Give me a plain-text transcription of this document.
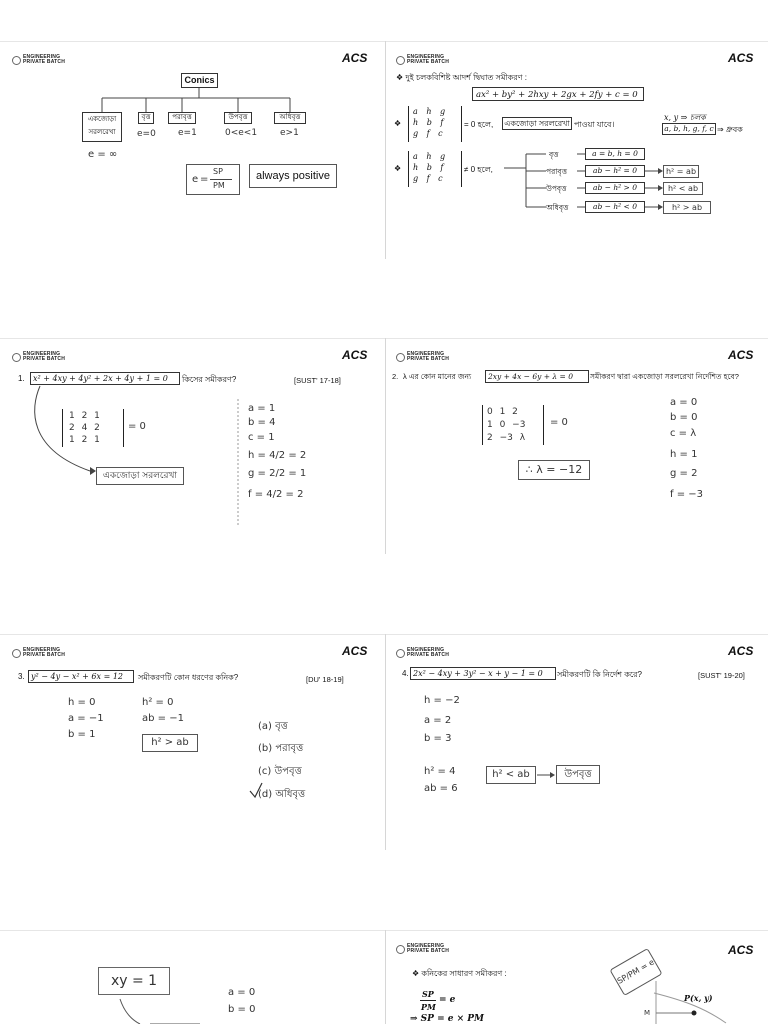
ENGINEERING
PRIVATE BATCH	ACS
Conics
একজোড়া সরলরেখা
বৃত্ত	পরাবৃত্ত	উপবৃত্ত	অধিবৃত্ত
e = ∞
e=0 e=1	0<e<1	e>1
e =
SP
PM
always positive
ENGINEERING
PRIVATE BATCH	ACS
❖ দুই চলকবিশিষ্ট আদর্শ দ্বিঘাত সমীকরণ :
ax² + by² + 2hxy + 2gx + 2fy + c = 0
❖
a h g
h b f
g f c
= 0 হলে, একজোড়া সরলরেখা পাওয়া যাবে।
x, y ⇒ চলক
a, b, h, g, f, c ⇒ ধ্রুবক
❖
a h g
h b f
g f c
≠ 0 হলে,
বৃত্ত
পরাবৃত্ত
উপবৃত্ত
অধিবৃত্ত
a = b, h = 0
ab − h² = 0
ab − h² > 0
ab − h² < 0
h² = ab
h² < ab
h² > ab
ENGINEERING
PRIVATE BATCH	ACS
1.	x² + 4xy + 4y² + 2x + 4y + 1 = 0	কিসের সমীকরণ?	[SUST' 17-18]
1 2 1
2 4 2
1 2 1
= 0
একজোড়া সরলরেখা
a = 1
b = 4
c = 1
h = 4/2 = 2
g = 2/2 = 1
f = 4/2 = 2
ENGINEERING
PRIVATE BATCH	ACS
2. λ এর কোন মানের জন্য	2xy + 4x − 6y + λ = 0	সমীকরণ দ্বারা একজোড়া সরলরেখা নির্দেশিত হবে?
0 1 2
1 0 −3
2 −3 λ
= 0
∴ λ = −12
a = 0
b = 0
c = λ
h = 1
g = 2
f = −3
ENGINEERING
PRIVATE BATCH	ACS
3. y² − 4y − x² + 6x = 12	সমীকরণটি কোন ধরণের কনিক?	[DU' 18-19]
h = 0
a = −1
b = 1
h² = 0
ab = −1
h² > ab
(a) বৃত্ত
(b) পরাবৃত্ত
(c) উপবৃত্ত
(d) অধিবৃত্ত
ENGINEERING
PRIVATE BATCH	ACS
4. 2x² − 4xy + 3y² − x + y − 1 = 0	সমীকরণটি কি নির্দেশ করে?	[SUST' 19-20]
h = −2
a = 2
b = 3
h² = 4
ab = 6
h² < ab	উপবৃত্ত
xy = 1
a = 0
b = 0
ENGINEERING
PRIVATE BATCH	ACS
❖ কনিকের সাধারণ সমীকরণ :
SP
PM
= e
⇒ SP = e × PM
SP/PM = e
P(x, y)
M
